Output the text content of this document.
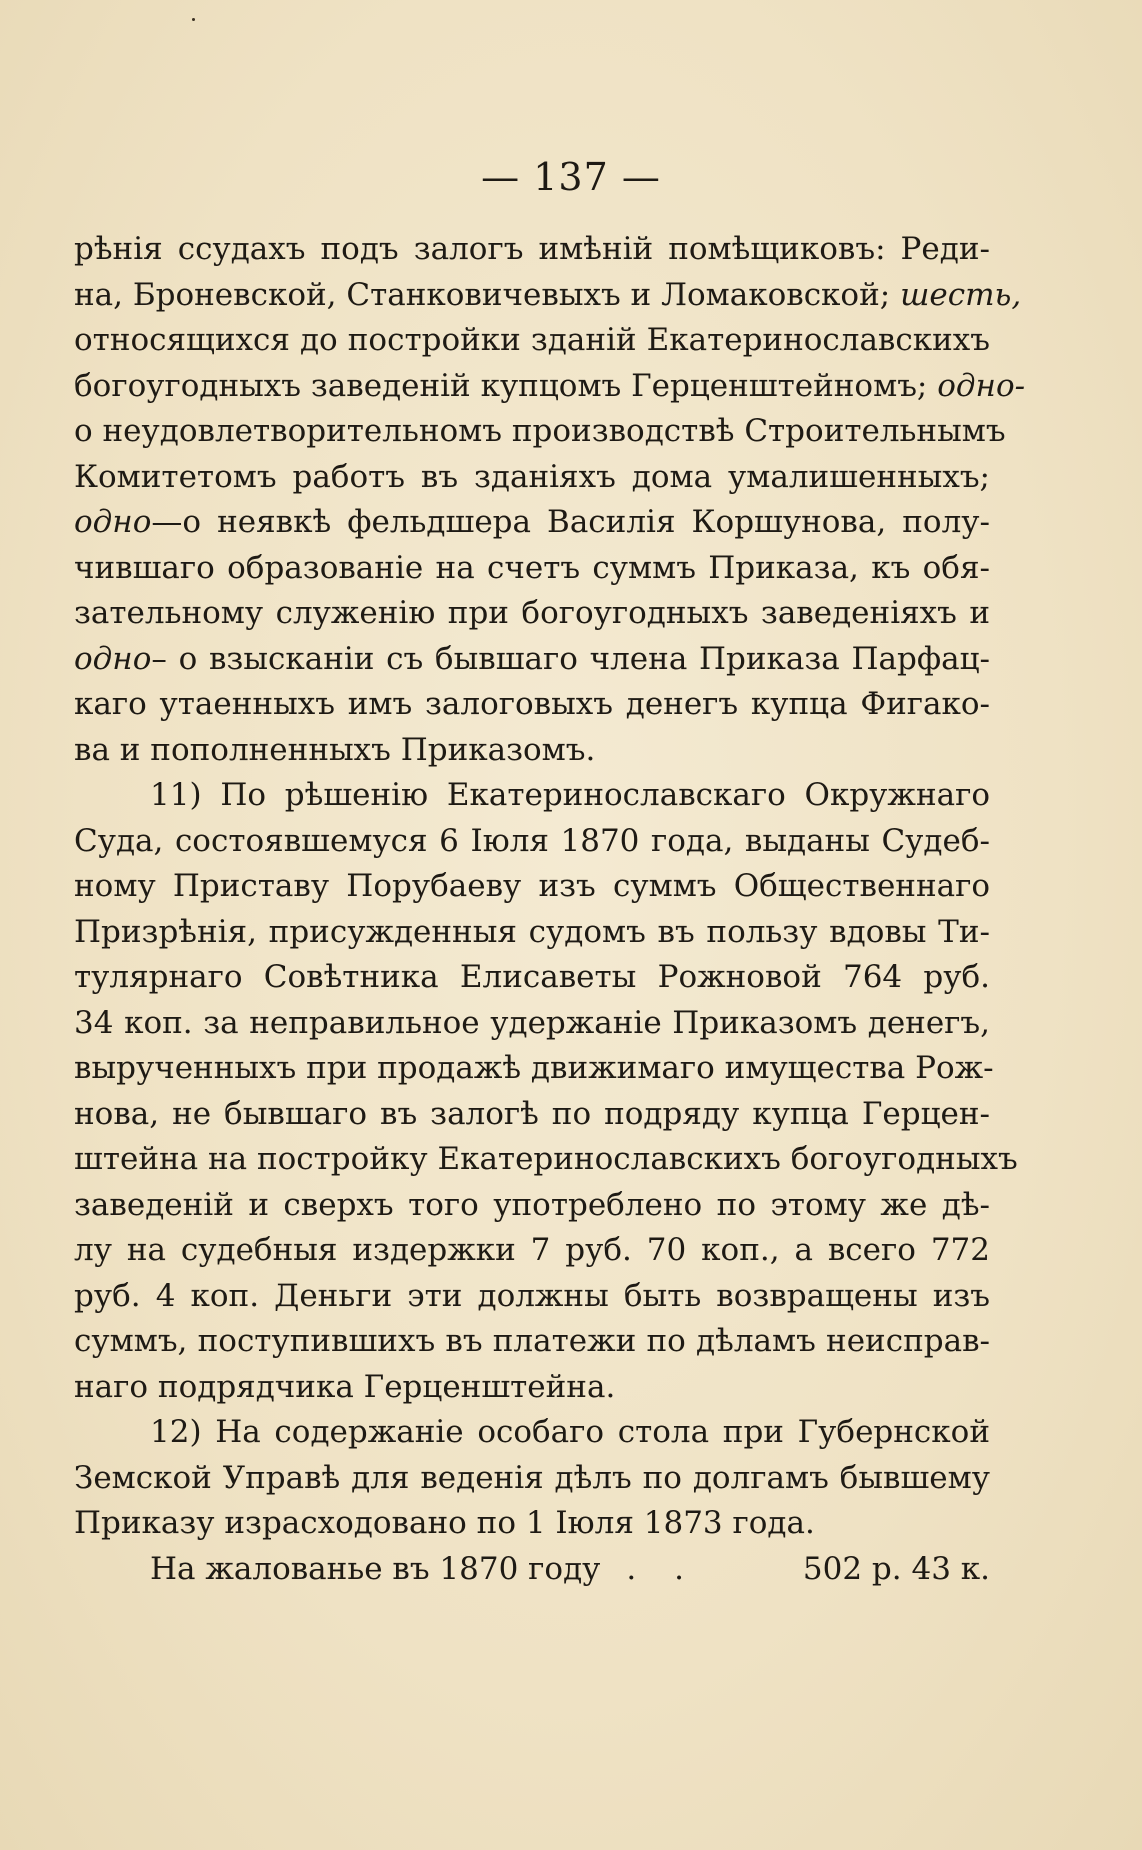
— 137 —
рѣнія ссудахъ подъ залогъ имѣній помѣщиковъ: Реди-
на, Броневской, Станковичевыхъ и Ломаковской; шесть,
относящихся до постройки зданій Екатеринославскихъ
богоугодныхъ заведеній купцомъ Герценштейномъ; одно-
о неудовлетворительномъ производствѣ Строительнымъ
Комитетомъ работъ въ зданіяхъ дома умалишенныхъ;
одно—о неявкѣ фельдшера Василія Коршунова, полу-
чившаго образованіе на счетъ суммъ Приказа, къ обя-
зательному служенію при богоугодныхъ заведеніяхъ и
одно– о взысканіи съ бывшаго члена Приказа Парфац-
каго утаенныхъ имъ залоговыхъ денегъ купца Фигако-
ва и пополненныхъ Приказомъ.
11) По рѣшенію Екатеринославскаго Окружнаго
Суда, состоявшемуся 6 Іюля 1870 года, выданы Судеб-
ному Приставу Порубаеву изъ суммъ Общественнаго
Призрѣнія, присужденныя судомъ въ пользу вдовы Ти-
тулярнаго Совѣтника Елисаветы Рожновой 764 руб.
34 коп. за неправильное удержаніе Приказомъ денегъ,
вырученныхъ при продажѣ движимаго имущества Рож-
нова, не бывшаго въ залогѣ по подряду купца Герцен-
штейна на постройку Екатеринославскихъ богоугодныхъ
заведеній и сверхъ того употреблено по этому же дѣ-
лу на судебныя издержки 7 руб. 70 коп., а всего 772
руб. 4 коп. Деньги эти должны быть возвращены изъ
суммъ, поступившихъ въ платежи по дѣламъ неисправ-
наго подрядчика Герценштейна.
12) На содержаніе особаго стола при Губернской
Земской Управѣ для веденія дѣлъ по долгамъ бывшему
Приказу израсходовано по 1 Іюля 1873 года.
На жалованье въ 1870 году . .	502 р. 43 к.
